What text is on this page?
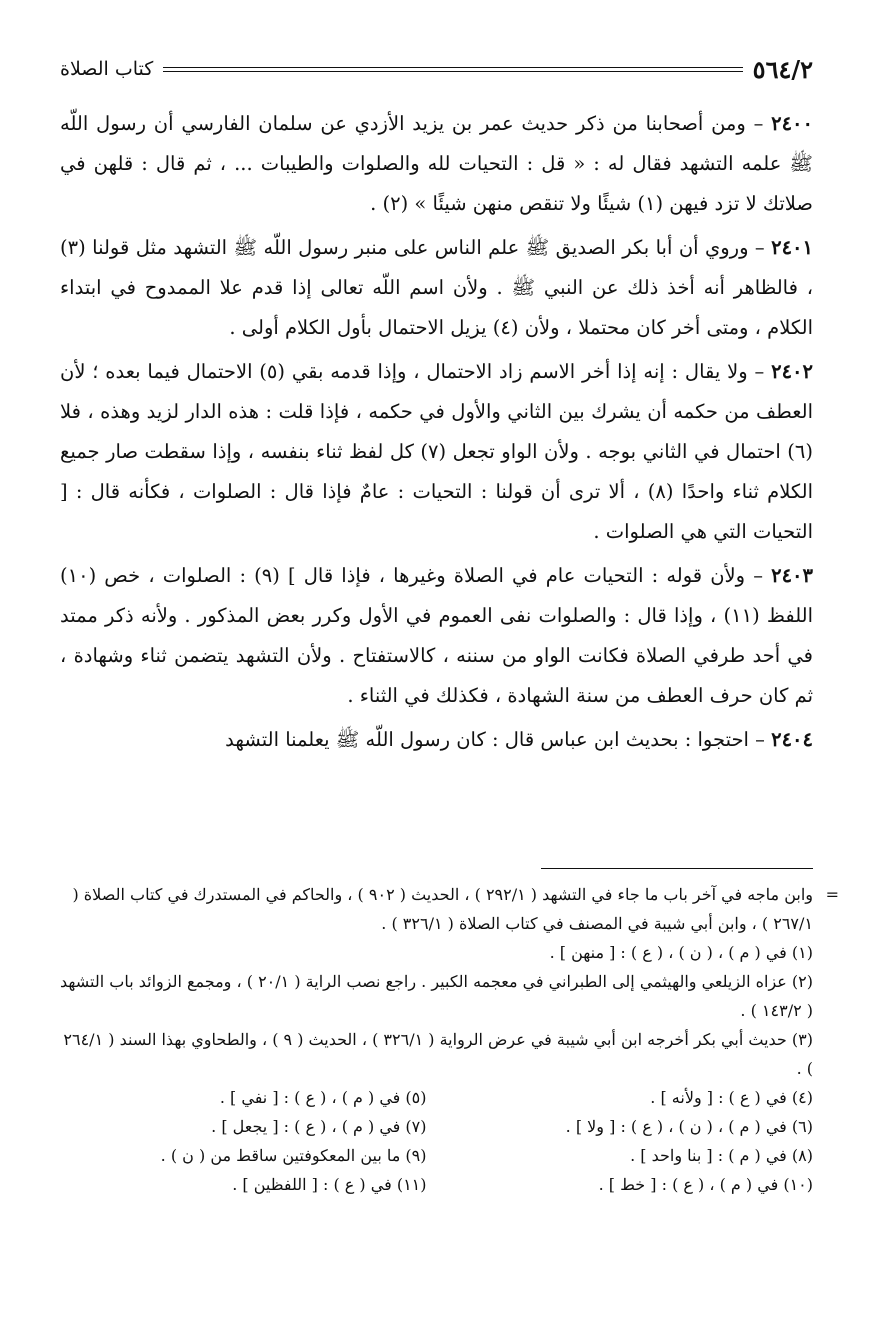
٥٦٤/٢
كتاب الصلاة

٢٤٠٠ – ومن أصحابنا من ذكر حديث عمر بن يزيد الأزدي عن سلمان الفارسي أن رسول اللّه ﷺ علمه التشهد فقال له : « قل : التحيات لله والصلوات والطيبات ... ، ثم قال : قلهن في صلاتك لا تزد فيهن (١) شيئًا ولا تنقص منهن شيئًا » (٢) .

٢٤٠١ – وروي أن أبا بكر الصديق ﷺ علم الناس على منبر رسول اللّه ﷺ التشهد مثل قولنا (٣) ، فالظاهر أنه أخذ ذلك عن النبي ﷺ . ولأن اسم اللّه تعالى إذا قدم علا الممدوح في ابتداء الكلام ، ومتى أخر كان محتملا ، ولأن (٤) يزيل الاحتمال بأول الكلام أولى .

٢٤٠٢ – ولا يقال : إنه إذا أخر الاسم زاد الاحتمال ، وإذا قدمه بقي (٥) الاحتمال فيما بعده ؛ لأن العطف من حكمه أن يشرك بين الثاني والأول في حكمه ، فإذا قلت : هذه الدار لزيد وهذه ، فلا (٦) احتمال في الثاني بوجه . ولأن الواو تجعل (٧) كل لفظ ثناء بنفسه ، وإذا سقطت صار جميع الكلام ثناء واحدًا (٨) ، ألا ترى أن قولنا : التحيات : عامٌ فإذا قال : الصلوات ، فكأنه قال : [ التحيات التي هي الصلوات .

٢٤٠٣ – ولأن قوله : التحيات عام في الصلاة وغيرها ، فإذا قال ] (٩) : الصلوات ، خص (١٠) اللفظ (١١) ، وإذا قال : والصلوات نفى العموم في الأول وكرر بعض المذكور . ولأنه ذكر ممتد في أحد طرفي الصلاة فكانت الواو من سننه ، كالاستفتاح . ولأن التشهد يتضمن ثناء وشهادة ، ثم كان حرف العطف من سنة الشهادة ، فكذلك في الثناء .

٢٤٠٤ – احتجوا : بحديث ابن عباس قال : كان رسول اللّه ﷺ يعلمنا التشهد

=
وابن ماجه في آخر باب ما جاء في التشهد ( ٢٩٢/١ ) ، الحديث ( ٩٠٢ ) ، والحاكم في المستدرك في كتاب الصلاة ( ٢٦٧/١ ) ، وابن أبي شيبة في المصنف في كتاب الصلاة ( ٣٢٦/١ ) .

(١) في ( م ) ، ( ن ) ، ( ع ) : [ منهن ] .

(٢) عزاه الزيلعي والهيثمي إلى الطبراني في معجمه الكبير . راجع نصب الراية ( ٢٠/١ ) ، ومجمع الزوائد باب التشهد ( ١٤٣/٢ ) .

(٣) حديث أبي بكر أخرجه ابن أبي شيبة في عرض الرواية ( ٣٢٦/١ ) ، الحديث ( ٩ ) ، والطحاوي بهذا السند ( ٢٦٤/١ ) .

(٤) في ( ع ) : [ ولأنه ] .
(٥) في ( م ) ، ( ع ) : [ نفي ] .
(٦) في ( م ) ، ( ن ) ، ( ع ) : [ ولا ] .
(٧) في ( م ) ، ( ع ) : [ يجعل ] .
(٨) في ( م ) : [ بنا واحد ] .
(٩) ما بين المعكوفتين ساقط من ( ن ) .
(١٠) في ( م ) ، ( ع ) : [ خط ] .
(١١) في ( ع ) : [ اللفظين ] .
